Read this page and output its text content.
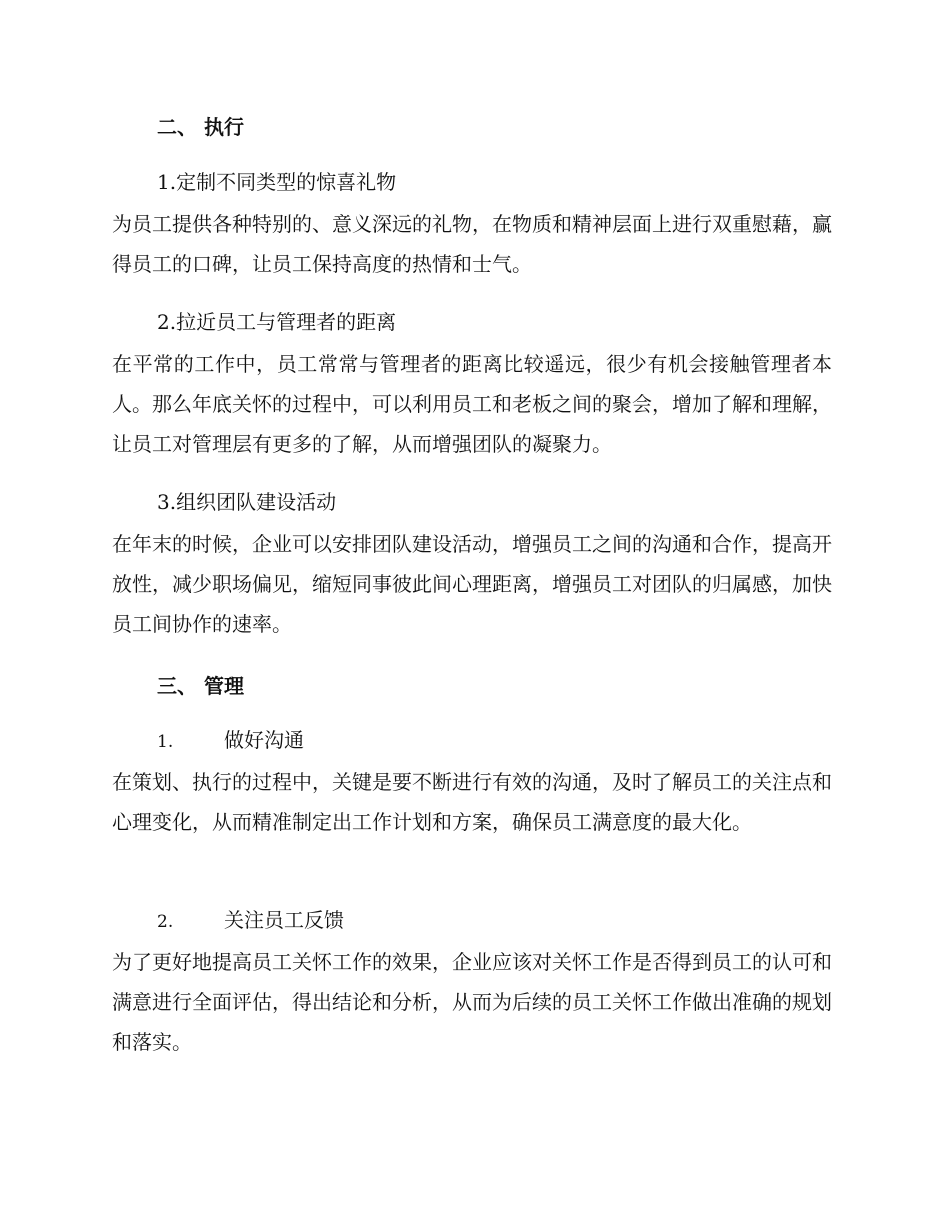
二、 执行
1.定制不同类型的惊喜礼物
为员工提供各种特别的、意义深远的礼物，在物质和精神层面上进行双重慰藉，赢得员工的口碑，让员工保持高度的热情和士气。
2.拉近员工与管理者的距离
在平常的工作中，员工常常与管理者的距离比较遥远，很少有机会接触管理者本人。那么年底关怀的过程中，可以利用员工和老板之间的聚会，增加了解和理解，让员工对管理层有更多的了解，从而增强团队的凝聚力。
3.组织团队建设活动
在年末的时候，企业可以安排团队建设活动，增强员工之间的沟通和合作，提高开放性，减少职场偏见，缩短同事彼此间心理距离，增强员工对团队的归属感，加快员工间协作的速率。
三、 管理
1.	做好沟通
在策划、执行的过程中，关键是要不断进行有效的沟通，及时了解员工的关注点和心理变化，从而精准制定出工作计划和方案，确保员工满意度的最大化。
2.	关注员工反馈
为了更好地提高员工关怀工作的效果，企业应该对关怀工作是否得到员工的认可和满意进行全面评估，得出结论和分析，从而为后续的员工关怀工作做出准确的规划和落实。
